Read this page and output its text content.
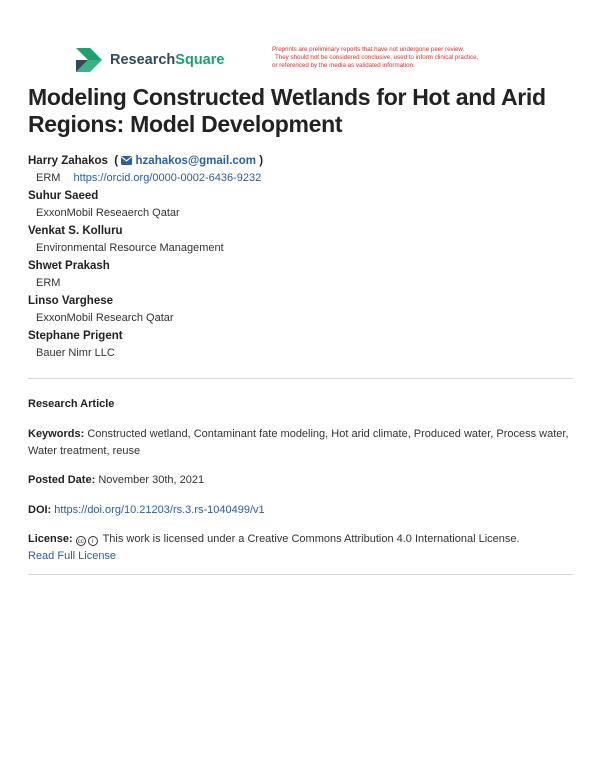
ResearchSquare
Preprints are preliminary reports that have not undergone peer review.
They should not be considered conclusive, used to inform clinical practice,
or referenced by the media as validated information.
Modeling Constructed Wetlands for Hot and Arid Regions: Model Development
Harry Zahakos  (  hzahakos@gmail.com )
ERM https://orcid.org/0000-0002-6436-9232
Suhur Saeed
ExxonMobil Reseaerch Qatar
Venkat S. Kolluru
Environmental Resource Management
Shwet Prakash
ERM
Linso Varghese
ExxonMobil Research Qatar
Stephane Prigent
Bauer Nimr LLC
Research Article
Keywords: Constructed wetland, Contaminant fate modeling, Hot arid climate, Produced water, Process water, Water treatment, reuse
Posted Date: November 30th, 2021
DOI: https://doi.org/10.21203/rs.3.rs-1040499/v1
License: cc i This work is licensed under a Creative Commons Attribution 4.0 International License.
Read Full License
